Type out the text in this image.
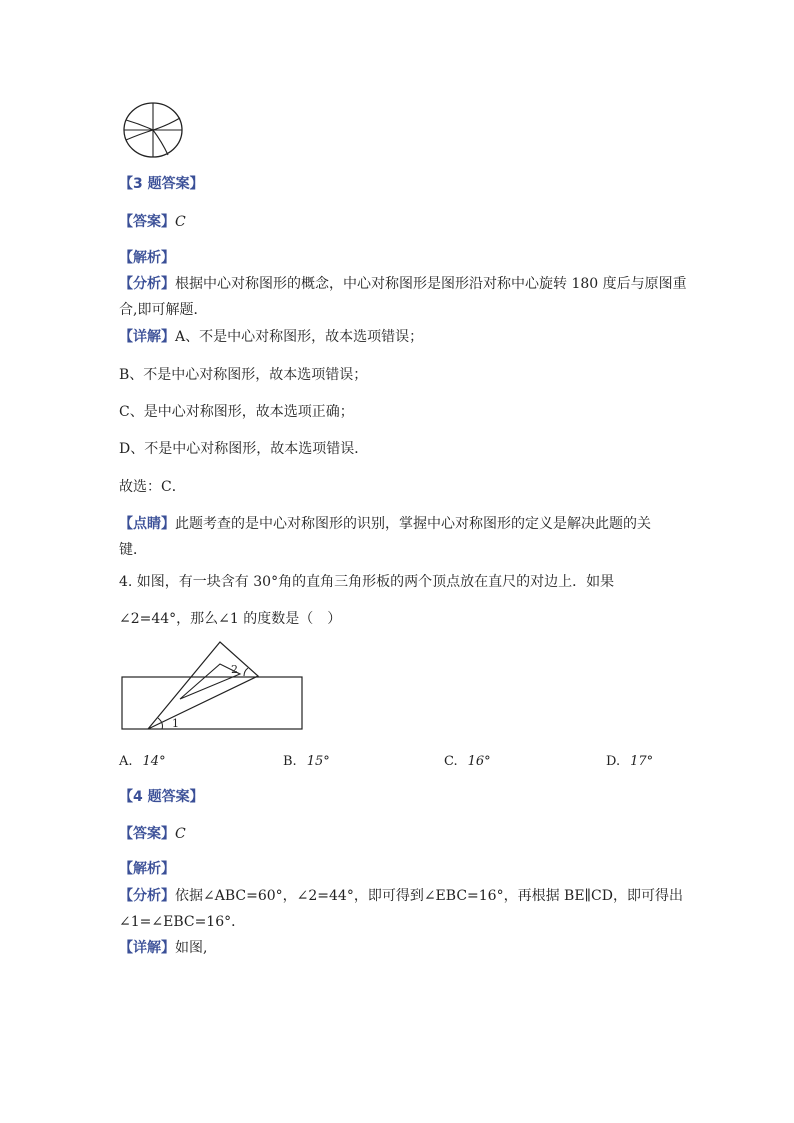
【3 题答案】
【答案】C
【解析】
【分析】根据中心对称图形的概念，中心对称图形是图形沿对称中心旋转 180 度后与原图重
合,即可解题．
【详解】A、不是中心对称图形，故本选项错误；
B、不是中心对称图形，故本选项错误；
C、是中心对称图形，故本选项正确；
D、不是中心对称图形，故本选项错误．
故选：C．
【点睛】此题考查的是中心对称图形的识别，掌握中心对称图形的定义是解决此题的关
键．
4. 如图，有一块含有 30°角的直角三角形板的两个顶点放在直尺的对边上．如果
∠2=44°，那么∠1 的度数是（　）
1
2
A. 14°	B. 15°	C. 16°	D. 17°
【4 题答案】
【答案】C
【解析】
【分析】依据∠ABC=60°，∠2=44°，即可得到∠EBC=16°，再根据 BE∥CD，即可得出
∠1=∠EBC=16°．
【详解】如图,
